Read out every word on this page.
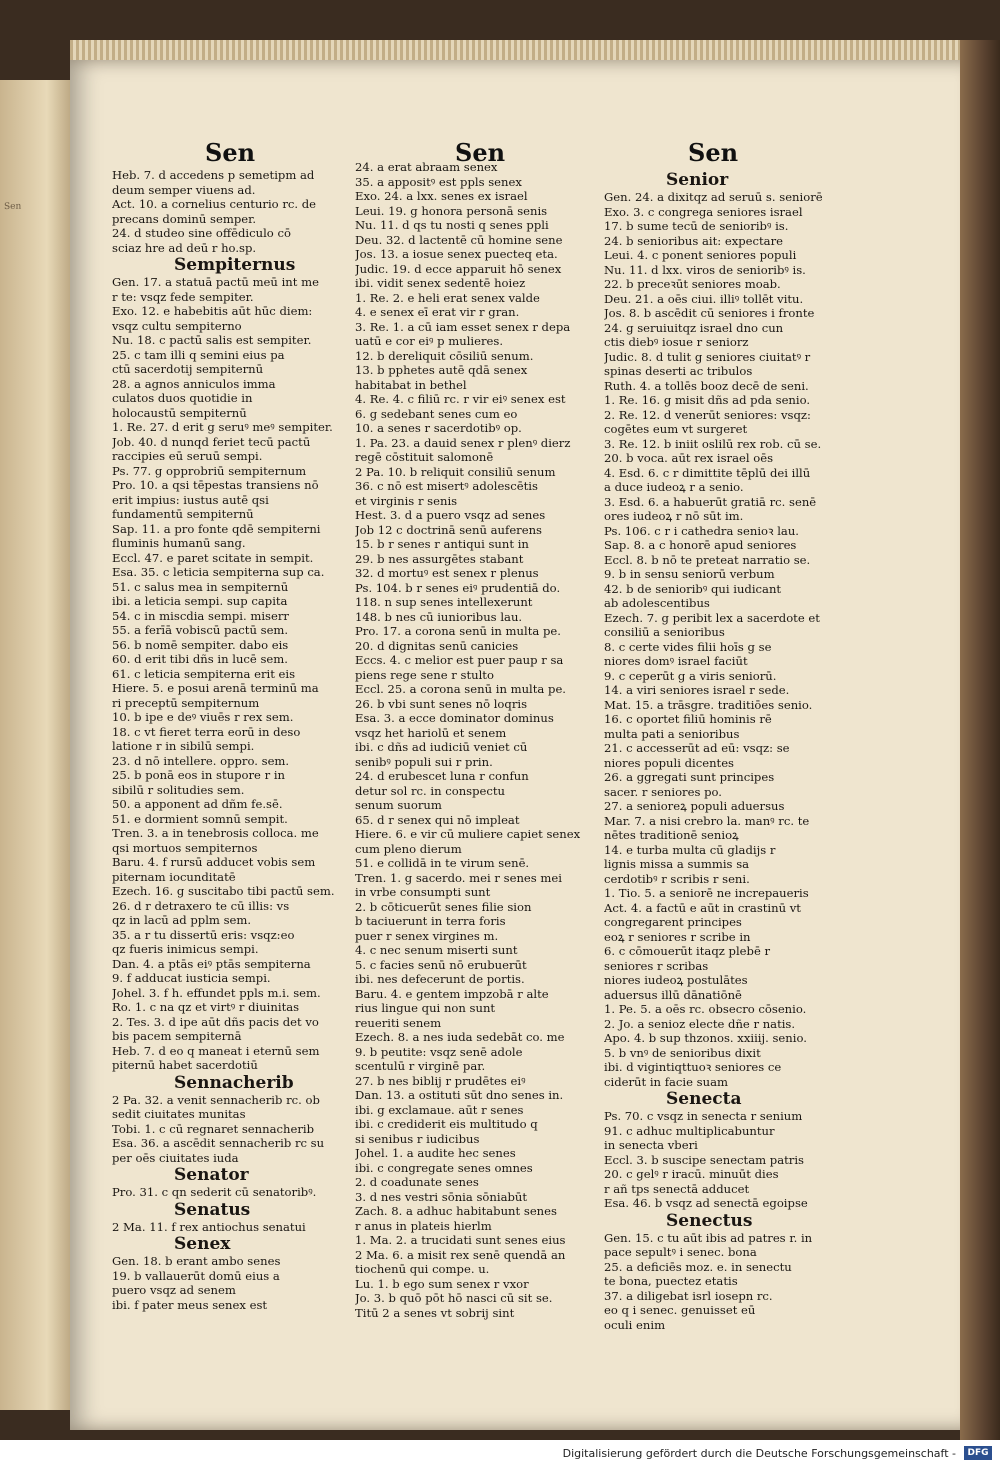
Sen
Sen	Sen	Sen
Heb. 7. d accedens p semetipm ad
deum semper viuens ad.
Act. 10. a cornelius centurio rc. de
precans dominū semper.
24. d studeo sine offēdiculo cō
sciaz hre ad deū r ho.sp.
Sempiternus
Gen. 17. a statuā pactū meū int me
r te: vsqz fede sempiter.
Exo. 12. e habebitis aūt hūc diem:
vsqz cultu sempiterno
Nu. 18. c pactū salis est sempiter.
25. c tam illi q semini eius pa
ctū sacerdotij sempiternū
28. a agnos anniculos imma
culatos duos quotidie in
holocaustū sempiternū
1. Re. 27. d erit g seruꝰ meꝰ sempiter.
Job. 40. d nunqd feriet tecū pactū
raccipies eū seruū sempi.
Ps. 77. g opprobriū sempiternum
Pro. 10. a qsi tēpestas transiens nō
erit impius: iustus autē qsi
fundamentū sempiternū
Sap. 11. a pro fonte qdē sempiterni
fluminis humanū sang.
Eccl. 47. e paret scitate in sempit.
Esa. 35. c leticia sempiterna sup ca.
51. c salus mea in sempiternū
ibi. a leticia sempi. sup capita
54. c in miscdia sempi. miserr
55. a ferīā vobiscū pactū sem.
56. b nomē sempiter. dabo eis
60. d erit tibi dñs in lucē sem.
61. c leticia sempiterna erit eis
Hiere. 5. e posui arenā terminū ma
ri preceptū sempiternum
10. b ipe e deꝰ viuēs r rex sem.
18. c vt fieret terra eorū in deso
latione r in sibilū sempi.
23. d nō intellere. oppro. sem.
25. b ponā eos in stupore r in
sibilū r solitudies sem.
50. a apponent ad dñm fe.sē.
51. e dormient somnū sempit.
Tren. 3. a in tenebrosis colloca. me
qsi mortuos sempiternos
Baru. 4. f rursū adducet vobis sem
piternam iocunditatē
Ezech. 16. g suscitabo tibi pactū sem.
26. d r detraxero te cū illis: vs
qz in lacū ad pplm sem.
35. a r tu dissertū eris: vsqz:eo
qz fueris inimicus sempi.
Dan. 4. a ptās eiꝰ ptās sempiterna
9. f adducat iusticia sempi.
Johel. 3. f h. effundet ppls m.i. sem.
Ro. 1. c na qz et virtꝰ r diuinitas
2. Tes. 3. d ipe aūt dñs pacis det vo
bis pacem sempiternā
Heb. 7. d eo q maneat i eternū sem
piternū habet sacerdotiū
Sennacherib
2 Pa. 32. a venit sennacherib rc. ob
sedit ciuitates munitas
Tobi. 1. c cū regnaret sennacherib
Esa. 36. a ascēdit sennacherib rc su
per oēs ciuitates iuda
Senator
Pro. 31. c qn sederit cū senatoribꝰ.
Senatus
2 Ma. 11. f rex antiochus senatui
Senex
Gen. 18. b erant ambo senes
19. b vallauerūt domū eius a
puero vsqz ad senem
ibi. f pater meus senex est
24. a erat abraam senex
35. a appositꝰ est ppls senex
Exo. 24. a lxx. senes ex israel
Leui. 19. g honora personā senis
Nu. 11. d qs tu nosti q senes ppli
Deu. 32. d lactentē cū homine sene
Jos. 13. a iosue senex puecteq eta.
Judic. 19. d ecce apparuit hō senex
ibi. vidit senex sedentē hoiez
1. Re. 2. e heli erat senex valde
4. e senex eī erat vir r gran.
3. Re. 1. a cū iam esset senex r depa
uatū e cor eiꝰ p mulieres.
12. b dereliquit cōsiliū senum.
13. b pphetes autē qdā senex
habitabat in bethel
4. Re. 4. c filiū rc. r vir eiꝰ senex est
6. g sedebant senes cum eo
10. a senes r sacerdotibꝰ op.
1. Pa. 23. a dauid senex r plenꝰ dierz
regē cōstituit salomonē
2 Pa. 10. b reliquit consiliū senum
36. c nō est misertꝰ adolescētis
et virginis r senis
Hest. 3. d a puero vsqz ad senes
Job 12 c doctrinā senū auferens
15. b r senes r antiqui sunt in
29. b nes assurgētes stabant
32. d mortuꝰ est senex r plenus
Ps. 104. b r senes eiꝰ prudentiā do.
118. n sup senes intellexerunt
148. b nes cū iunioribus lau.
Pro. 17. a corona senū in multa pe.
20. d dignitas senū canicies
Eccs. 4. c melior est puer paup r sa
piens rege sene r stulto
Eccl. 25. a corona senū in multa pe.
26. b vbi sunt senes nō loqris
Esa. 3. a ecce dominator dominus
vsqz het hariolū et senem
ibi. c dñs ad iudiciū veniet cū
senibꝰ populi sui r prin.
24. d erubescet luna r confun
detur sol rc. in conspectu
senum suorum
65. d r senex qui nō impleat
Hiere. 6. e vir cū muliere capiet senex
cum pleno dierum
51. e collidā in te virum senē.
Tren. 1. g sacerdo. mei r senes mei
in vrbe consumpti sunt
2. b cōticuerūt senes filie sion
b taciuerunt in terra foris
puer r senex virgines m.
4. c nec senum miserti sunt
5. c facies senū nō erubuerūt
ibi. nes defecerunt de portis.
Baru. 4. e gentem impzobā r alte
rius lingue qui non sunt
reueriti senem
Ezech. 8. a nes iuda sedebāt co. me
9. b peutite: vsqz senē adole
scentulū r virginē par.
27. b nes biblij r prudētes eiꝰ
Dan. 13. a ostituti sūt dno senes in.
ibi. g exclamaue. aūt r senes
ibi. c crediderit eis multitudo q
si senibus r iudicibus
Johel. 1. a audite hec senes
ibi. c congregate senes omnes
2. d coadunate senes
3. d nes vestri sōnia sōniabūt
Zach. 8. a adhuc habitabunt senes
r anus in plateis hierlm
1. Ma. 2. a trucidati sunt senes eius
2 Ma. 6. a misit rex senē quendā an
tiochenū qui compe. u.
Lu. 1. b ego sum senex r vxor
Jo. 3. b quō pōt hō nasci cū sit se.
Titū 2 a senes vt sobrij sint
Senior
Gen. 24. a dixitqz ad seruū s. seniorē
Exo. 3. c congrega seniores israel
17. b sume tecū de senioribꝰ is.
24. b senioribus ait: expectare
Leui. 4. c ponent seniores populi
Nu. 11. d lxx. viros de senioribꝰ is.
22. b preceꝛūt seniores moab.
Deu. 21. a oēs ciui. illiꝰ tollēt vitu.
Jos. 8. b ascēdit cū seniores i fronte
24. g seruiuitqz israel dno cun
ctis diebꝰ iosue r seniorz
Judic. 8. d tulit g seniores ciuitatꝰ r
spinas deserti ac tribulos
Ruth. 4. a tollēs booz decē de seni.
1. Re. 16. g misit dñs ad pda senio.
2. Re. 12. d venerūt seniores: vsqz:
cogētes eum vt surgeret
3. Re. 12. b iniit oslilū rex rob. cū se.
20. b voca. aūt rex israel oēs
4. Esd. 6. c r dimittite tēplū dei illū
a duce iudeoꝝ r a senio.
3. Esd. 6. a habuerūt gratiā rc. senē
ores iudeoꝝ r nō sūt im.
Ps. 106. c r i cathedra senioꝛ lau.
Sap. 8. a c honorē apud seniores
Eccl. 8. b nō te preteat narratio se.
9. b in sensu seniorū verbum
42. b de senioribꝰ qui iudicant
ab adolescentibus
Ezech. 7. g peribit lex a sacerdote et
consiliū a senioribus
8. c certe vides filii hoīs g se
niores domꝰ israel faciūt
9. c ceperūt g a viris seniorū.
14. a viri seniores israel r sede.
Mat. 15. a trāsgre. traditiōes senio.
16. c oportet filiū hominis rē
multa pati a senioribus
21. c accesserūt ad eū: vsqz: se
niores populi dicentes
26. a ggregati sunt principes
sacer. r seniores po.
27. a senioreꝝ populi aduersus
Mar. 7. a nisi crebro la. manꝰ rc. te
nētes traditionē senioꝝ
14. e turba multa cū gladijs r
lignis missa a summis sa
cerdotibꝰ r scribis r seni.
1. Tio. 5. a seniorē ne increpaueris
Act. 4. a factū e aūt in crastinū vt
congregarent principes
eoꝝ r seniores r scribe in
6. c cōmouerūt itaqz plebē r
seniores r scribas
niores iudeoꝝ postulātes
aduersus illū dānatiōnē
1. Pe. 5. a oēs rc. obsecro cōsenio.
2. Jo. a senioz electe dñe r natis.
Apo. 4. b sup thzonos. xxiiij. senio.
5. b vnꝰ de senioribus dixit
ibi. d vigintiqttuoꝛ seniores ce
ciderūt in facie suam
Senecta
Ps. 70. c vsqz in senecta r senium
91. c adhuc multiplicabuntur
in senecta vberi
Eccl. 3. b suscipe senectam patris
20. c gelꝰ r iracū. minuūt dies
r añ tps senectā adducet
Esa. 46. b vsqz ad senectā egoipse
Senectus
Gen. 15. c tu aūt ibis ad patres r. in
pace sepultꝰ i senec. bona
25. a deficiēs moz. e. in senectu
te bona, puectez etatis
37. a diligebat isrl iosepn rc.
eo q i senec. genuisset eū
oculi enim
Digitalisierung gefördert durch die Deutsche Forschungsgemeinschaft -	DFG
